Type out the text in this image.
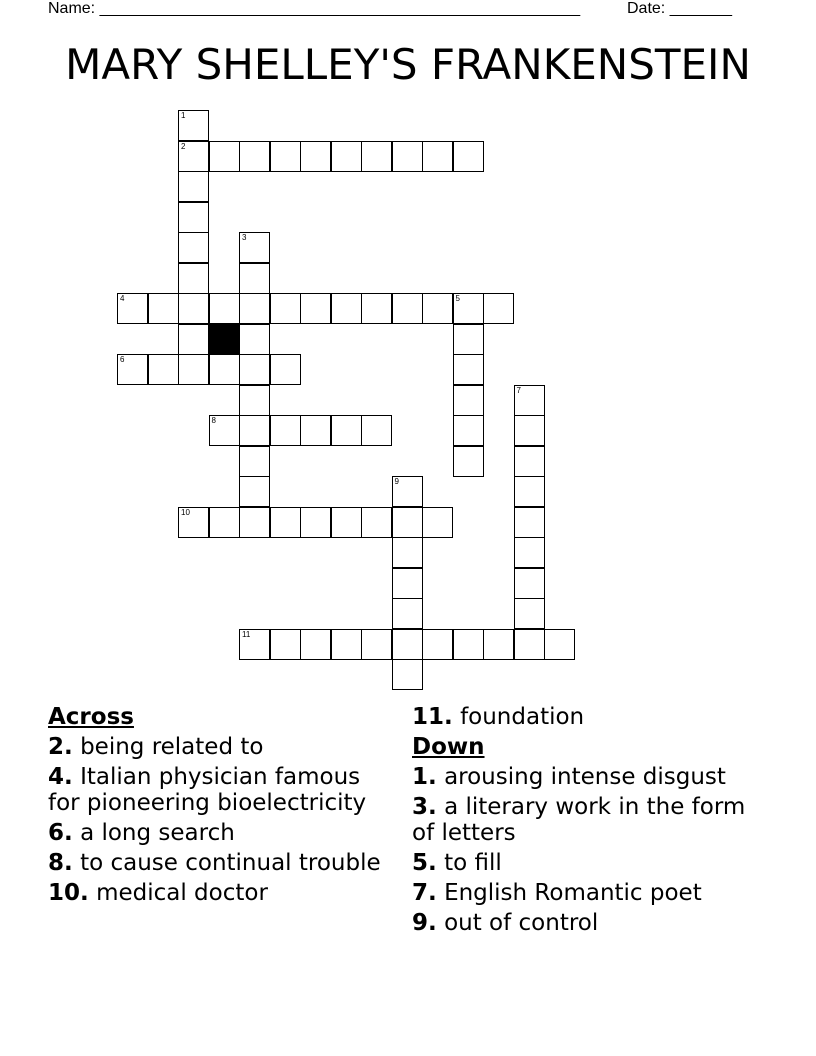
Name: ______________________________________________________	Date: _______
MARY SHELLEY'S FRANKENSTEIN
1
2
3
4	5
6
7
8
9
10
11
Across
2. being related to
4. Italian physician famous for pioneering bioelectricity
6. a long search
8. to cause continual trouble
10. medical doctor
11. foundation
Down
1. arousing intense disgust
3. a literary work in the form of letters
5. to fill
7. English Romantic poet
9. out of control
